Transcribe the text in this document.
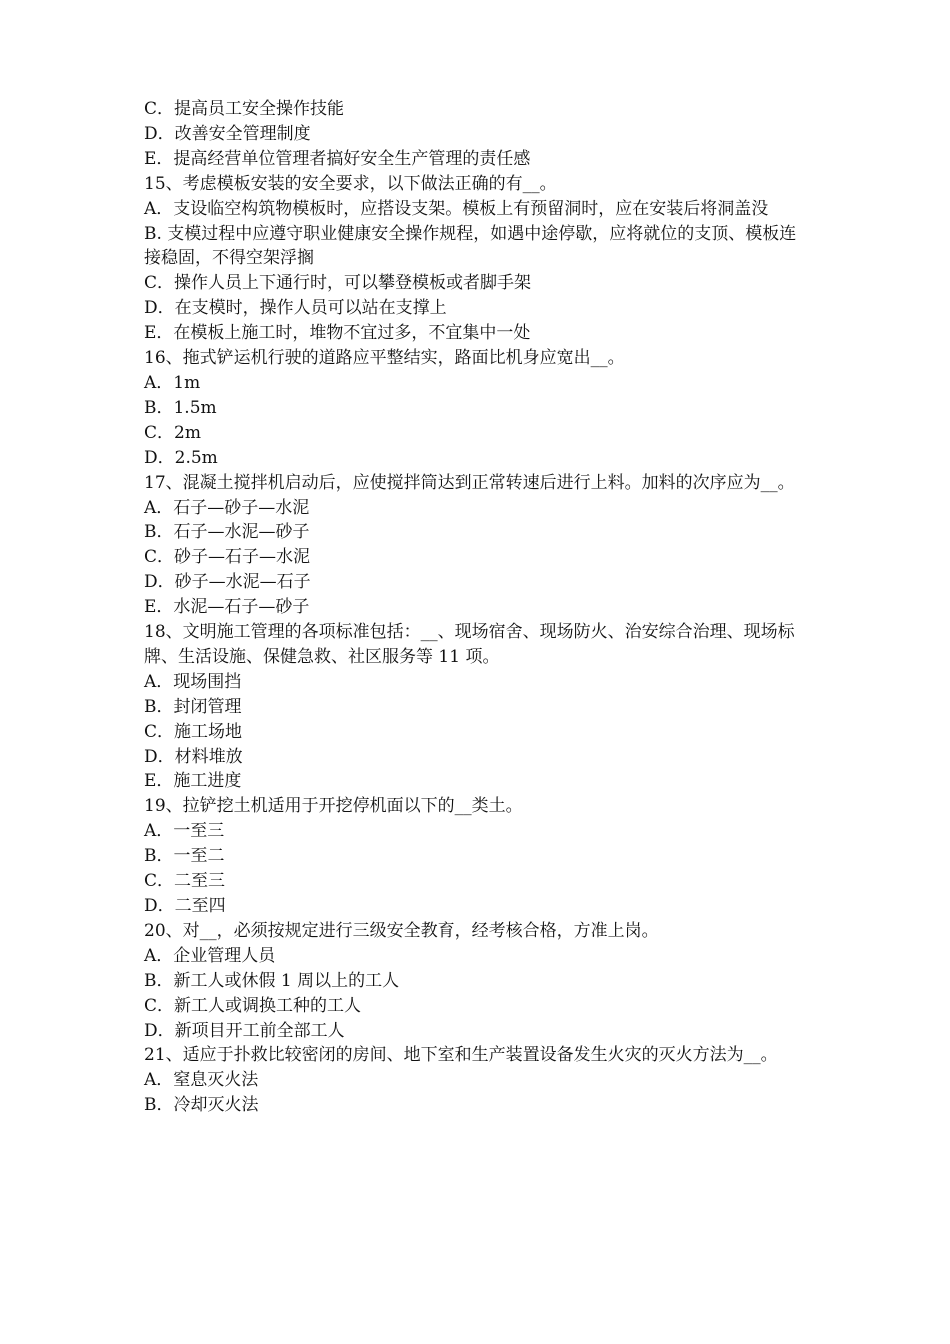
C．提高员工安全操作技能
D．改善安全管理制度
E．提高经营单位管理者搞好安全生产管理的责任感
15、考虑模板安装的安全要求，以下做法正确的有__。
A．支设临空构筑物模板时，应搭设支架。模板上有预留洞时，应在安装后将洞盖没
B. 支模过程中应遵守职业健康安全操作规程，如遇中途停歇，应将就位的支顶、模板连接稳固，不得空架浮搁
C．操作人员上下通行时，可以攀登模板或者脚手架
D．在支模时，操作人员可以站在支撑上
E．在模板上施工时，堆物不宜过多，不宜集中一处
16、拖式铲运机行驶的道路应平整结实，路面比机身应宽出__。
A．1m
B．1.5m
C．2m
D．2.5m
17、混凝土搅拌机启动后，应使搅拌筒达到正常转速后进行上料。加料的次序应为__。
A．石子—砂子—水泥
B．石子—水泥—砂子
C．砂子—石子—水泥
D．砂子—水泥—石子
E．水泥—石子—砂子
18、文明施工管理的各项标准包括：__、现场宿舍、现场防火、治安综合治理、现场标牌、生活设施、保健急救、社区服务等 11 项。
A．现场围挡
B．封闭管理
C．施工场地
D．材料堆放
E．施工进度
19、拉铲挖土机适用于开挖停机面以下的__类土。
A．一至三
B．一至二
C．二至三
D．二至四
20、对__，必须按规定进行三级安全教育，经考核合格，方准上岗。
A．企业管理人员
B．新工人或休假 1 周以上的工人
C．新工人或调换工种的工人
D．新项目开工前全部工人
21、适应于扑救比较密闭的房间、地下室和生产装置设备发生火灾的灭火方法为__。
A．窒息灭火法
B．冷却灭火法
